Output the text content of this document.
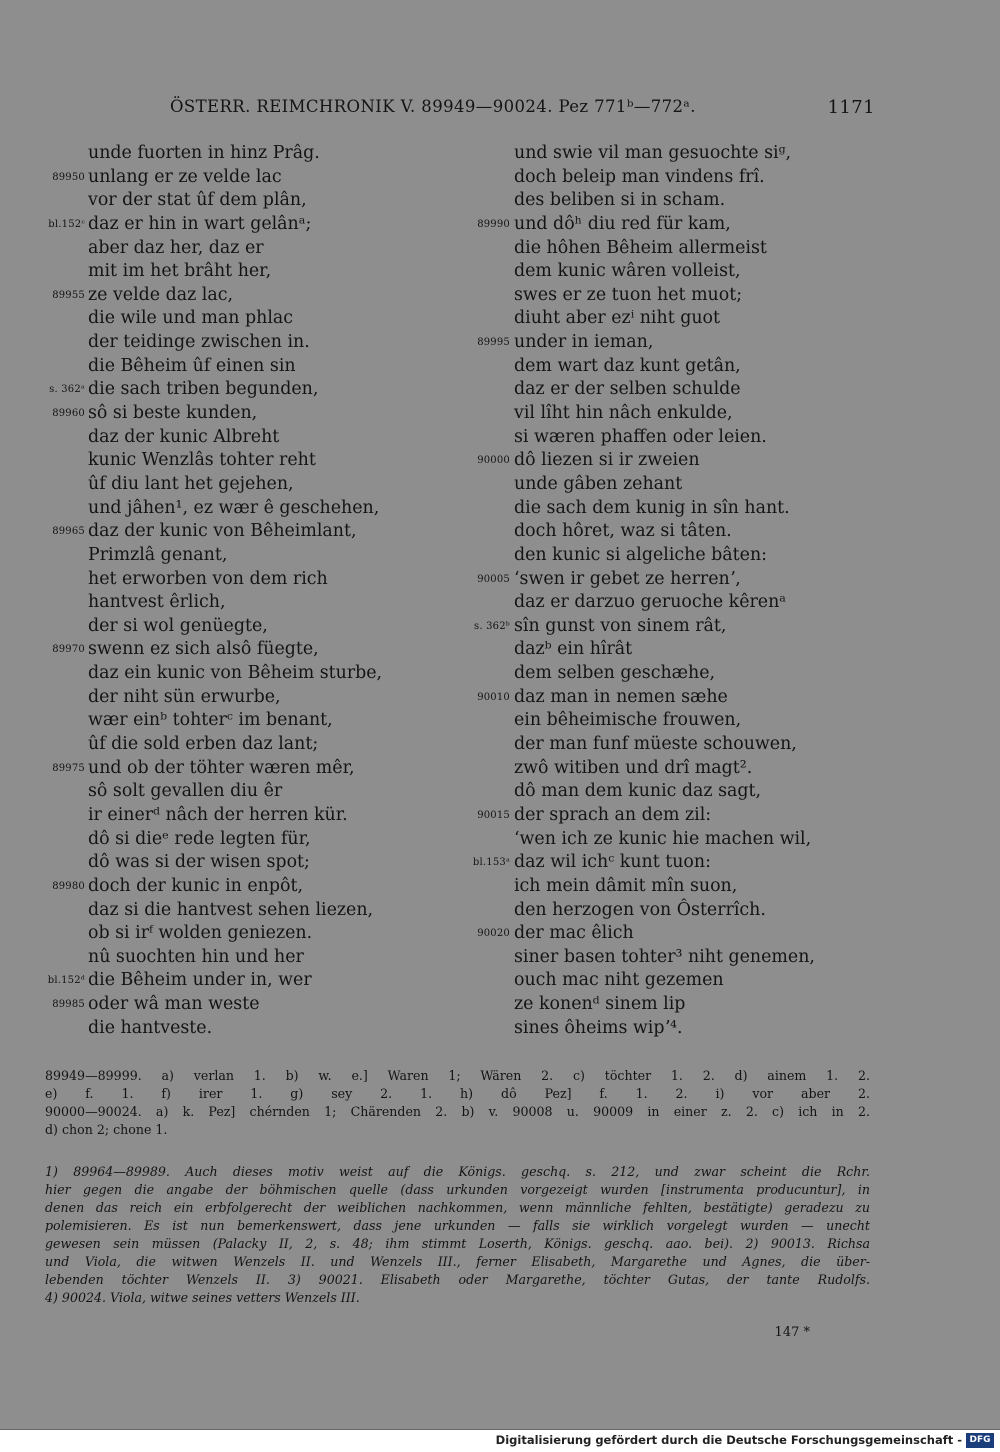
ÖSTERR. REIMCHRONIK V. 89949—90024. Pez 771ᵇ—772ᵃ.	1171
unde fuorten in hinz Prâg.
89950 unlang er ze velde lac
vor der stat ûf dem plân,
bl.152ᶜ daz er hin in wart gelânᵃ;
aber daz her, daz er
mit im het brâht her,
89955 ze velde daz lac,
die wile und man phlac
der teidinge zwischen in.
die Bêheim ûf einen sin
s. 362ᵃ die sach triben begunden,
89960 sô si beste kunden,
daz der kunic Albreht
kunic Wenzlâs tohter reht
ûf diu lant het gejehen,
und jâhen¹, ez wær ê geschehen,
89965 daz der kunic von Bêheimlant,
Primzlâ genant,
het erworben von dem rich
hantvest êrlich,
der si wol genüegte,
89970 swenn ez sich alsô füegte,
daz ein kunic von Bêheim sturbe,
der niht sün erwurbe,
wær einᵇ tohterᶜ im benant,
ûf die sold erben daz lant;
89975 und ob der töhter wæren mêr,
sô solt gevallen diu êr
ir einerᵈ nâch der herren kür.
dô si dieᵉ rede legten für,
dô was si der wisen spot;
89980 doch der kunic in enpôt,
daz si die hantvest sehen liezen,
ob si irᶠ wolden geniezen.
nû suochten hin und her
bl.152ᵈ die Bêheim under in, wer
89985 oder wâ man weste
die hantveste.
und swie vil man gesuochte siᵍ,
doch beleip man vindens frî.
des beliben si in scham.
89990 und dôʰ diu red für kam,
die hôhen Bêheim allermeist
dem kunic wâren volleist,
swes er ze tuon het muot;
diuht aber ezⁱ niht guot
89995 under in ieman,
dem wart daz kunt getân,
daz er der selben schulde
vil lîht hin nâch enkulde,
si wæren phaffen oder leien.
90000 dô liezen si ir zweien
unde gâben zehant
die sach dem kunig in sîn hant.
doch hôret, waz si tâten.
den kunic si algeliche bâten:
90005 ʻswen ir gebet ze herrenʼ,
daz er darzuo geruoche kêrenᵃ
s. 362ᵇ sîn gunst von sinem rât,
dazᵇ ein hîrât
dem selben geschæhe,
90010 daz man in nemen sæhe
ein bêheimische frouwen,
der man funf müeste schouwen,
zwô witiben und drî magt².
dô man dem kunic daz sagt,
90015 der sprach an dem zil:
ʻwen ich ze kunic hie machen wil,
bl.153ᵃ daz wil ichᶜ kunt tuon:
ich mein dâmit mîn suon,
den herzogen von Ôsterrîch.
90020 der mac êlich
siner basen tohter³ niht genemen,
ouch mac niht gezemen
ze konenᵈ sinem lip
sines ôheims wipʼ⁴.

89949—89999. a) verlan 1. b) w. e.] Waren 1; Wären 2. c) töchter 1. 2. d) ainem 1. 2.

e) f. 1. f) irer 1. g) sey 2. 1. h) dô Pez] f. 1. 2. i) vor aber 2.

90000—90024. a) k. Pez] chérnden 1; Chärenden 2. b) v. 90008 u. 90009 in einer z. 2. c) ich in 2.

d) chon 2; chone 1.

1) 89964—89989. Auch dieses motiv weist auf die Königs. geschq. s. 212, und zwar scheint die Rchr.

hier gegen die angabe der böhmischen quelle (dass urkunden vorgezeigt wurden [instrumenta producuntur], in

denen das reich ein erbfolgerecht der weiblichen nachkommen, wenn männliche fehlten, bestätigte) geradezu zu

polemisieren. Es ist nun bemerkenswert, dass jene urkunden — falls sie wirklich vorgelegt wurden — unecht

gewesen sein müssen (Palacky II, 2, s. 48; ihm stimmt Loserth, Königs. geschq. aao. bei). 2) 90013. Richsa

und Viola, die witwen Wenzels II. und Wenzels III., ferner Elisabeth, Margarethe und Agnes, die über-

lebenden töchter Wenzels II. 3) 90021. Elisabeth oder Margarethe, töchter Gutas, der tante Rudolfs.

4) 90024. Viola, witwe seines vetters Wenzels III.

147 *
Digitalisierung gefördert durch die Deutsche Forschungsgemeinschaft - DFG
